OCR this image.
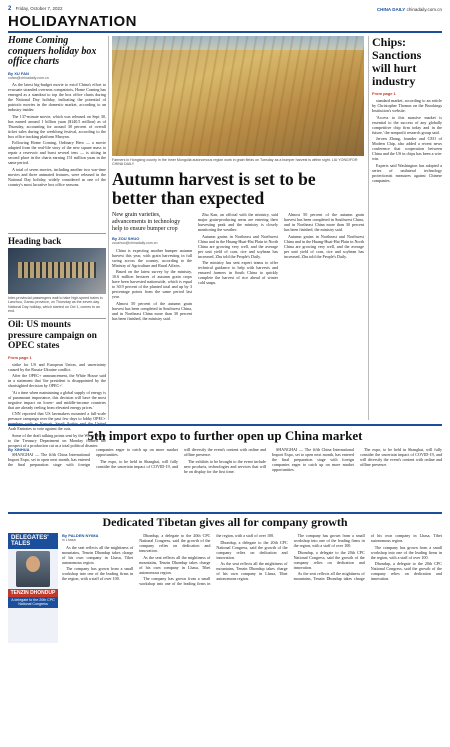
2 Friday, October 7, 2022	CHINA DAILY chinadaily.com.cn
HOLIDAYNATION
Home Coming conquers holiday box office charts
By XU FAN
xufan@chinadaily.com.cn

As the latest big-budget movie to extol China's effort to evacuate stranded overseas compatriots, Home Coming has emerged as a standout to top the box office charts during the National Day holiday, indicating the potential of patriotic movies in the domestic market, according to an industry insider.

The 137-minute movie, which was released on Sept 30, has earned around 1 billion yuan ($140.5 million) as of Thursday, accounting for around 30 percent of overall ticket sales during the weeklong festival, according to the box office tracking platform Maoyan.

Following Home Coming, Ordinary Hero — a movie adapted from the real-life story of the new square mass to repair a reservoir and burst several tens — is sitting in second place in the charts earning 151 million yuan in the same period.

A total of seven movies, including another two war-time movies and three animated features, were released in the National Day holiday, widely considered as one of the country's most lucrative box office seasons.

Heading back
Inter-provincial passengers wait to take high-speed trains in Lanzhou, Gansu province, on Thursday as the seven-day National Day holiday, which started on Oct 1, comes to an end.
Oil: US mounts pressure campaign on OPEC states
From page 1

strike for US and European Union, and uncertainty caused by the Russia-Ukraine conflict.

After the OPEC+ announcement, the White House said in a statement that 'the president is disappointed by the shortsighted decision by OPEC+'.

'At a time when maintaining a global supply of energy is of paramount importance, this decision will have the most negative impact on lower- and middle-income countries that are already reeling from elevated energy prices.'

CNN reported that US lawmakers mounted a full-scale pressure campaign over the past few days to lobby OPEC+ Arab Emirates to vote against the cuts.

Some of the draft talking points sent by the White House to the Treasury Department on Monday framed the prospect of a production cut as a total political disaster.

Farmers in Hongxing county in the Inner Mongolia autonomous region work in grain fields on Tuesday as a bumper harvest is within sight. LIU YONG/FOR CHINA DAILY
Autumn harvest is set to be better than expected
New grain varieties, advancements in technology help to ensure bumper crop
By ZOU SHUO
zoushuo@chinadaily.com.cn

China is expecting another bumper autumn harvest this year, with grain harvesting in full swing across the country, according to the Ministry of Agriculture and Rural Affairs.

Based on the latest survey by the ministry, 10.6 million hectares of autumn grain crops have been harvested nationwide, which is equal to 30.9 percent of the planted total and up by 3 percentage points from the same period last year.

Almost 50 percent of the autumn grain harvest has been completed in Southwest China, and in Northeast China more than 30 percent has been finished, the ministry said.

Zhu Kan, an official with the ministry, said major grain-producing areas are entering their harvesting peak and the ministry is closely monitoring the weather.

Autumn grains in Northeast and Northwest China and in the Huang-Huai-Hai Plain in North China are growing very well, and the average per unit yield of corn, rice and soybean has increased, Zhu told the People's Daily.

The ministry has sent expert teams to offer technical guidance to help with harvests and ensured farmers in South China to quickly complete the harvest of rice ahead of winter cold snaps.

Almost 50 percent of the autumn grain harvest has been completed in Southwest China, and in Northeast China more than 30 percent has been finished, the ministry said.

Autumn grains in Northeast and Northwest China and in the Huang-Huai-Hai Plain in North China are growing very well, and the average per unit yield of corn, rice and soybean has increased, Zhu told the People's Daily.

Chips: Sanctions will hurt industry
From page 1

standard market, according to an article by Christopher Thomas on the Brookings Institution's website.

'Access to this massive market is essential to the success of any globally competitive chip firm today and in the future,' the nonprofit research group said.

Jeroen Zhang, founder and CEO of Modern Chip, also added a recent news conference that cooperation between China and the US in chips has been a win-win.

Experts said Washington has adopted a series of unilateral technology protectionist measures against Chinese companies.

5th import expo to further open up China market
By XINHUA

SHANGHAI — The fifth China International Import Expo, set to open next month, has entered the final preparation stage with foreign companies eager to catch up on more market opportunities.

The expo, to be held in Shanghai, will fully consider the uncertain impact of COVID-19, and will diversify the event's content with online and offline presence.

The exhibits to be brought to the event include new products, technologies and services that will be on display for the first time.

SHANGHAI — The fifth China International Import Expo, set to open next month, has entered the final preparation stage with foreign companies eager to catch up on more market opportunities.

The expo, to be held in Shanghai, will fully consider the uncertain impact of COVID-19, and will diversify the event's content with online and offline presence.

Dedicated Tibetan gives all for company growth
DELEGATES' TALES
TENZIN DHONDUP
A delegate to the 20th CPC National Congress
By PALDEN NYIMA
in Lhasa

As the seat reflects all the mightiness of mountains, Tenzin Dhondup takes charge of his own company in Lhasa, Tibet autonomous region.

The company has grown from a small workshop into one of the leading firms in the region, with a staff of over 100.

Dhondup, a delegate to the 20th CPC National Congress, said the growth of the company relies on dedication and innovation.

As the seat reflects all the mightiness of mountains, Tenzin Dhondup takes charge of his own company in Lhasa, Tibet autonomous region.

The company has grown from a small workshop into one of the leading firms in the region, with a staff of over 100.

Dhondup, a delegate to the 20th CPC National Congress, said the growth of the company relies on dedication and innovation.

As the seat reflects all the mightiness of mountains, Tenzin Dhondup takes charge of his own company in Lhasa, Tibet autonomous region.

The company has grown from a small workshop into one of the leading firms in the region, with a staff of over 100.

Dhondup, a delegate to the 20th CPC National Congress, said the growth of the company relies on dedication and innovation.

As the seat reflects all the mightiness of mountains, Tenzin Dhondup takes charge of his own company in Lhasa, Tibet autonomous region.

The company has grown from a small workshop into one of the leading firms in the region, with a staff of over 100.

Dhondup, a delegate to the 20th CPC National Congress, said the growth of the company relies on dedication and innovation.
